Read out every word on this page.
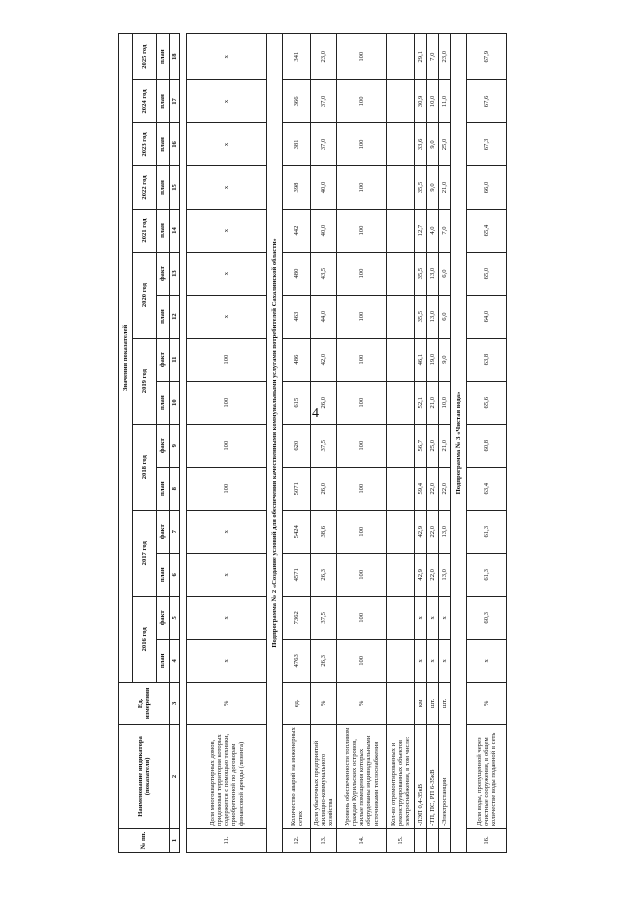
4
№ пп.	Наименование индикатора (показателя)	Ед. измерения	Значения показателей														
			2016 год		2017 год		2018 год		2019 год		2020 год		2021 год	2022 год	2023 год	2024 год	2025 год
			план	факт	план	факт	план	факт	план	факт	план	факт	план	план	план	план	план
1	2	3	4	5	6	7	8	9	10	11	12	13	14	15	16	17	18

11.	Доля многоквартирных домов, придомовая территория которых содержится с помощью техники, приобретенной по договорам финансовой аренды (лизинга)	%	х	х	х	х	100	100	100	100	х	х	х	х	х	х	х
Подпрограмма № 2 «Создание условий для обеспечения качественными коммунальными услугами потребителей Сахалинской области»																	
12.	Количество аварий на инженерных сетях	ед.	4763	7362	4571	5424	5071	620	615	486	463	480	442	398	381	366	341
13.	Доля убыточных предприятий жилищно-коммунального хозяйства	%	26,3	37,5	26,3	38,6	26,0	37,5	26,0	42,0	44,0	43,5	40,0	40,0	37,0	37,0	23,0
14.	Уровень обеспеченности топливом граждан Курильских островов, жилые помещения которых оборудованы индивидуальными источниками теплоснабжения	%	100	100	100	100	100	100	100	100	100	100	100	100	100	100	100
15.	Кол-во отремонтированных и реконструированных объектов электроснабжения, в том числе:																
	-ЛЭП 0,4-35кВ	км	х	х	42,9	42,9	59,4	56,7	52,1	46,1	35,5	35,5	12,7	35,5	33,6	30,9	29,1
	-ТП, ПС, РП 6-35кВ	шт.	х	х	22,0	22,0	22,0	25,0	21,0	19,0	13,0	13,0	4,0	9,0	9,0	10,0	7,0
	-Электростанции	шт.	х	х	13,0	13,0	22,0	21,0	10,0	9,0	6,0	6,0	7,0	21,0	25,0	11,0	23,0
Подпрограмма № 3 «Чистая вода»																	
16.	Доля воды, пропущенной через очистные сооружения, в общем количестве воды поданной в сеть	%	х	60,3	61,3	61,3	63,4	60,8	65,6	63,8	64,0	65,0	65,4	66,0	67,3	67,6	67,9
